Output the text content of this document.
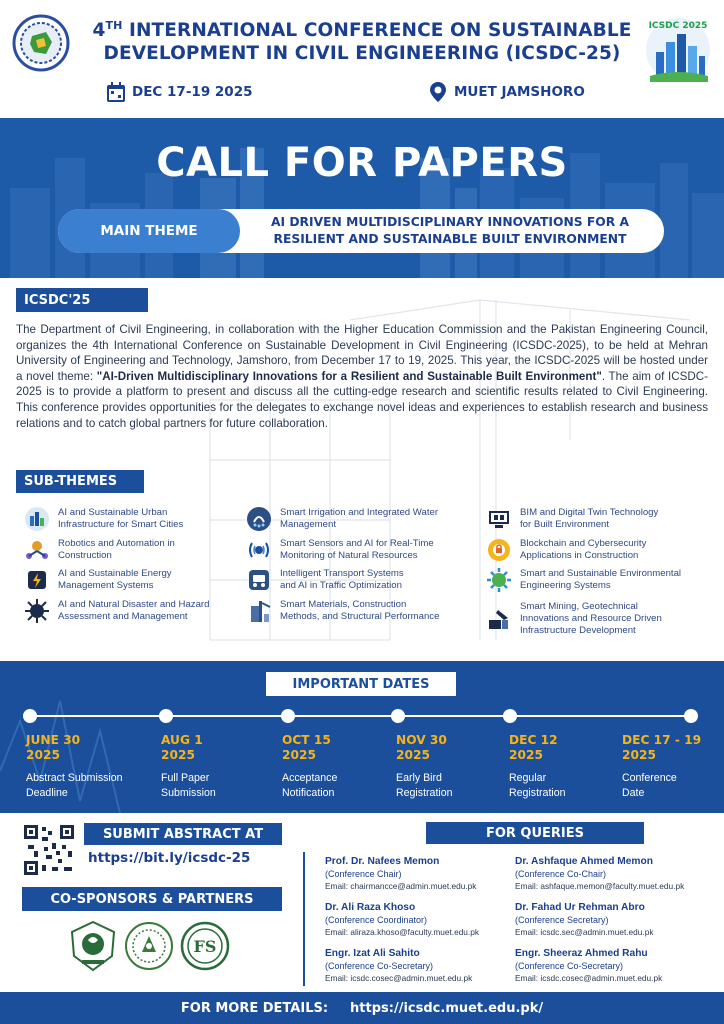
4TH INTERNATIONAL CONFERENCE ON SUSTAINABLE
DEVELOPMENT IN CIVIL ENGINEERING (ICSDC-25)
ICSDC 2025
DEC 17-19 2025	MUET JAMSHORO
CALL FOR PAPERS
MAIN THEME
AI DRIVEN MULTIDISCIPLINARY INNOVATIONS FOR A
RESILIENT AND SUSTAINABLE BUILT ENVIRONMENT
ICSDC'25
The Department of Civil Engineering, in collaboration with the Higher Education Commission and the Pakistan Engineering Council, organizes the 4th International Conference on Sustainable Development in Civil Engineering (ICSDC-2025), to be held at Mehran University of Engineering and Technology, Jamshoro, from December 17 to 19, 2025. This year, the ICSDC-2025 will be hosted under a novel theme: "AI-Driven Multidisciplinary Innovations for a Resilient and Sustainable Built Environment". The aim of ICSDC-2025 is to provide a platform to present and discuss all the cutting-edge research and scientific results related to Civil Engineering. This conference provides opportunities for the delegates to exchange novel ideas and experiences to establish research and business relations and to catch global partners for future collaboration.
SUB-THEMES
AI and Sustainable Urban
Infrastructure for Smart Cities
Robotics and Automation in
Construction
AI and Sustainable Energy
Management Systems
AI and Natural Disaster and Hazard
Assessment and Management
Smart Irrigation and Integrated Water
Management
Smart Sensors and AI for Real-Time
Monitoring of Natural Resources
Intelligent Transport Systems
and AI in Traffic Optimization
Smart Materials, Construction
Methods, and Structural Performance
BIM and Digital Twin Technology
for Built Environment
Blockchain and Cybersecurity
Applications in Construction
Smart and Sustainable Environmental
Engineering Systems
Smart Mining, Geotechnical
Innovations and Resource Driven
Infrastructure Development
IMPORTANT DATES
JUNE 30
2025
Abstract Submission
Deadline
AUG 1
2025
Full Paper
Submission
OCT 15
2025
Acceptance
Notification
NOV 30
2025
Early Bird
Registration
DEC 12
2025
Regular
Registration
DEC 17 - 19
2025
Conference
Date
SUBMIT ABSTRACT AT
https://bit.ly/icsdc-25
CO-SPONSORS & PARTNERS
FS
FOR QUERIES
Prof. Dr. Nafees Memon
(Conference Chair)
Email: chairmancce@admin.muet.edu.pk
Dr. Ali Raza Khoso
(Conference Coordinator)
Email: aliraza.khoso@faculty.muet.edu.pk
Engr. Izat Ali Sahito
(Conference Co-Secretary)
Email: icsdc.cosec@admin.muet.edu.pk
Dr. Ashfaque Ahmed Memon
(Conference Co-Chair)
Email: ashfaque.memon@faculty.muet.edu.pk
Dr. Fahad Ur Rehman Abro
(Conference Secretary)
Email: icsdc.sec@admin.muet.edu.pk
Engr. Sheeraz Ahmed Rahu
(Conference Co-Secretary)
Email: icsdc.cosec@admin.muet.edu.pk
FOR MORE DETAILS: https://icsdc.muet.edu.pk/
